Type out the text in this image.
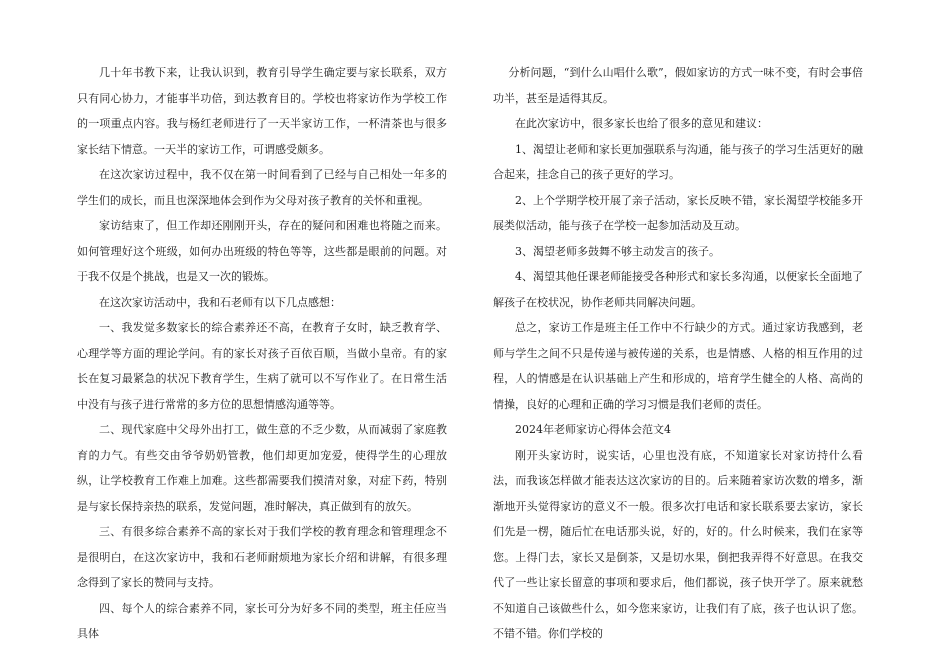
几十年书教下来，让我认识到，教育引导学生确定要与家长联系，双方只有同心协力，才能事半功倍，到达教育目的。学校也将家访作为学校工作的一项重点内容。我与杨红老师进行了一天半家访工作，一杯清茶也与很多家长结下情意。一天半的家访工作，可谓感受颇多。

在这次家访过程中，我不仅在第一时间看到了已经与自己相处一年多的学生们的成长，而且也深深地体会到作为父母对孩子教育的关怀和重视。

家访结束了，但工作却还刚刚开头，存在的疑问和困难也将随之而来。如何管理好这个班级，如何办出班级的特色等等，这些都是眼前的问题。对于我不仅是个挑战，也是又一次的锻炼。

在这次家访活动中，我和石老师有以下几点感想：

一、我发觉多数家长的综合素养还不高，在教育子女时，缺乏教育学、心理学等方面的理论学问。有的家长对孩子百依百顺，当做小皇帝。有的家长在复习最紧急的状况下教育学生，生病了就可以不写作业了。在日常生活中没有与孩子进行常常的多方位的思想情感沟通等等。

二、现代家庭中父母外出打工，做生意的不乏少数，从而减弱了家庭教育的力气。有些交由爷爷奶奶管教，他们却更加宠爱，使得学生的心理放纵，让学校教育工作难上加难。这些都需要我们摸清对象，对症下药，特别是与家长保持亲热的联系，发觉问题，准时解决，真正做到有的放矢。

三、有很多综合素养不高的家长对于我们学校的教育理念和管理理念不是很明白，在这次家访中，我和石老师耐烦地为家长介绍和讲解，有很多理念得到了家长的赞同与支持。

四、每个人的综合素养不同，家长可分为好多不同的类型，班主任应当具体

分析问题，“到什么山唱什么歌”，假如家访的方式一味不变，有时会事倍功半，甚至是适得其反。

在此次家访中，很多家长也给了很多的意见和建议：

1、渴望让老师和家长更加强联系与沟通，能与孩子的学习生活更好的融合起来，挂念自己的孩子更好的学习。

2、上个学期学校开展了亲子活动，家长反映不错，家长渴望学校能多开展类似活动，能与孩子在学校一起参加活动及互动。

3、渴望老师多鼓舞不够主动发言的孩子。

4、渴望其他任课老师能接受各种形式和家长多沟通，以便家长全面地了解孩子在校状况，协作老师共同解决问题。

总之，家访工作是班主任工作中不行缺少的方式。通过家访我感到，老师与学生之间不只是传递与被传递的关系，也是情感、人格的相互作用的过程，人的情感是在认识基础上产生和形成的，培育学生健全的人格、高尚的情操，良好的心理和正确的学习习惯是我们老师的责任。

2024年老师家访心得体会范文4

刚开头家访时，说实话，心里也没有底，不知道家长对家访持什么看法，而我该怎样做才能表达这次家访的目的。后来随着家访次数的增多，渐渐地开头觉得家访的意义不一般。很多次打电话和家长联系要去家访，家长们先是一楞，随后忙在电话那头说，好的，好的。什么时候来，我们在家等您。上得门去，家长又是倒茶，又是切水果，倒把我弄得不好意思。在我交代了一些让家长留意的事项和要求后，他们都说，孩子快开学了。原来就愁不知道自己该做些什么，如今您来家访，让我们有了底，孩子也认识了您。不错不错。你们学校的
